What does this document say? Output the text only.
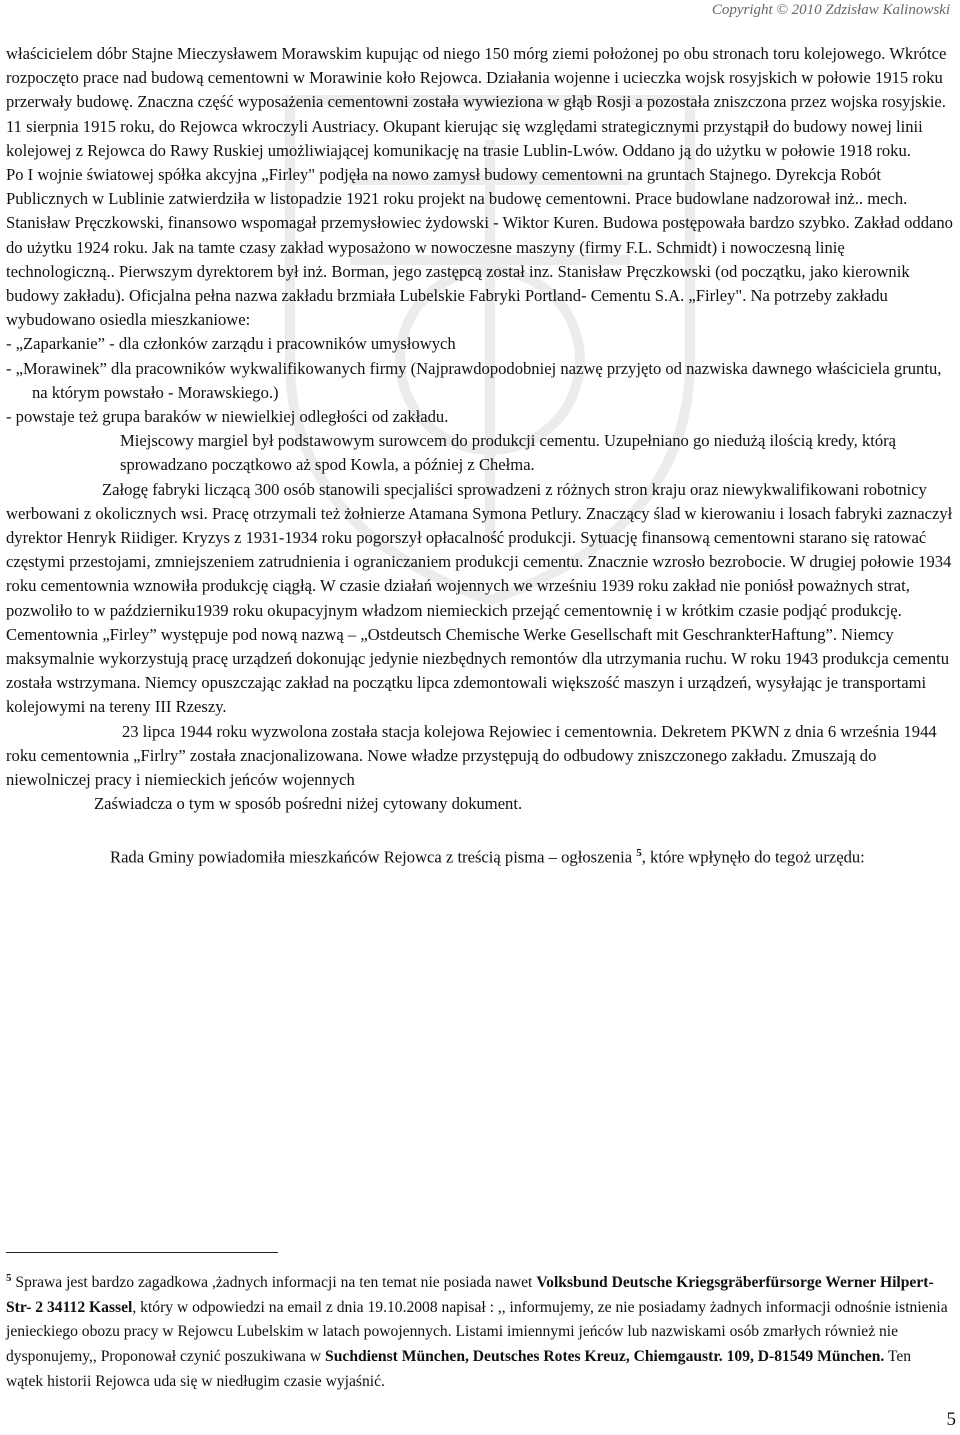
Copyright © 2010 Zdzisław Kalinowski

właścicielem dóbr Stajne Mieczysławem Morawskim kupując od niego 150 mórg ziemi położonej po obu stronach toru kolejowego. Wkrótce rozpoczęto prace nad budową cementowni w Morawinie koło Rejowca. Działania wojenne i ucieczka wojsk rosyjskich w połowie 1915 roku przerwały budowę. Znaczna część wyposażenia cementowni została wywieziona w głąb Rosji a pozostała zniszczona przez wojska rosyjskie.

11 sierpnia 1915 roku, do Rejowca wkroczyli Austriacy. Okupant kierując się względami strategicznymi przystąpił do budowy nowej linii kolejowej z Rejowca do Rawy Ruskiej umożliwiającej komunikację na trasie Lublin-Lwów. Oddano ją do użytku w połowie 1918 roku.

Po I wojnie światowej spółka akcyjna „Firley" podjęła na nowo zamysł budowy cementowni na gruntach Stajnego. Dyrekcja Robót Publicznych w Lublinie zatwierdziła w listopadzie 1921 roku projekt na budowę cementowni. Prace budowlane nadzorował inż.. mech. Stanisław Pręczkowski, finansowo wspomagał przemysłowiec żydowski - Wiktor Kuren. Budowa postępowała bardzo szybko. Zakład oddano do użytku 1924 roku. Jak na tamte czasy zakład wyposażono w nowoczesne maszyny (firmy F.L. Schmidt) i nowoczesną linię technologiczną.. Pierwszym dyrektorem był inż. Borman, jego zastępcą został inz. Stanisław Pręczkowski (od początku, jako kierownik budowy zakładu). Oficjalna pełna nazwa zakładu brzmiała Lubelskie Fabryki Portland- Cementu S.A. „Firley". Na potrzeby zakładu wybudowano osiedla mieszkaniowe:

- „Zaparkanie” - dla członków zarządu i pracowników umysłowych

- „Morawinek” dla pracowników wykwalifikowanych firmy (Najprawdopodobniej nazwę przyjęto od nazwiska dawnego właściciela gruntu, na którym powstało - Morawskiego.)

- powstaje też grupa baraków w niewielkiej odległości od zakładu.

Miejscowy margiel był podstawowym surowcem do produkcji cementu. Uzupełniano go niedużą ilością kredy, którą sprowadzano początkowo aż spod Kowla, a później z Chełma.

Załogę fabryki liczącą 300 osób stanowili specjaliści sprowadzeni z różnych stron kraju oraz niewykwalifikowani robotnicy werbowani z okolicznych wsi. Pracę otrzymali też żołnierze Atamana Symona Petlury. Znaczący ślad w kierowaniu i losach fabryki zaznaczył dyrektor Henryk Riidiger. Kryzys z 1931-1934 roku pogorszył opłacalność produkcji. Sytuację finansową cementowni starano się ratować częstymi przestojami, zmniejszeniem zatrudnienia i ograniczaniem produkcji cementu. Znacznie wzrosło bezrobocie. W drugiej połowie 1934 roku cementownia wznowiła produkcję ciągłą. W czasie działań wojennych we wrześniu 1939 roku zakład nie poniósł poważnych strat, pozwoliło to w październiku1939 roku okupacyjnym władzom niemieckich przejąć cementownię i w krótkim czasie podjąć produkcję. Cementownia „Firley” występuje pod nową nazwą – „Ostdeutsch Chemische Werke Gesellschaft mit GeschrankterHaftung”. Niemcy maksymalnie wykorzystują pracę urządzeń dokonując jedynie niezbędnych remontów dla utrzymania ruchu. W roku 1943 produkcja cementu została wstrzymana. Niemcy opuszczając zakład na początku lipca zdemontowali większość maszyn i urządzeń, wysyłając je transportami kolejowymi na tereny III Rzeszy.

23 lipca 1944 roku wyzwolona została stacja kolejowa Rejowiec i cementownia. Dekretem PKWN z dnia 6 września 1944 roku cementownia „Firlry” została znacjonalizowana. Nowe władze przystępują do odbudowy zniszczonego zakładu. Zmuszają do niewolniczej pracy i niemieckich jeńców wojennych

Zaświadcza o tym w sposób pośredni niżej cytowany dokument.

Rada Gminy powiadomiła mieszkańców Rejowca z treścią pisma – ogłoszenia $^5$, które wpłynęło do tegoż urzędu:

$^5$ Sprawa jest bardzo zagadkowa ,żadnych informacji na ten temat nie posiada nawet Volksbund Deutsche Kriegsgräberfürsorge Werner Hilpert-Str- 2 34112 Kassel, który w odpowiedzi na email z dnia 19.10.2008 napisał : ,, informujemy, ze nie posiadamy żadnych informacji odnośnie istnienia jenieckiego obozu pracy w Rejowcu Lubelskim w latach powojennych. Listami imiennymi jeńców lub nazwiskami osób zmarłych również nie dysponujemy,, Proponował czynić poszukiwana w Suchdienst München, Deutsches Rotes Kreuz, Chiemgaustr. 109, D-81549 München. Ten wątek historii Rejowca uda się w niedługim czasie wyjaśnić.
5
